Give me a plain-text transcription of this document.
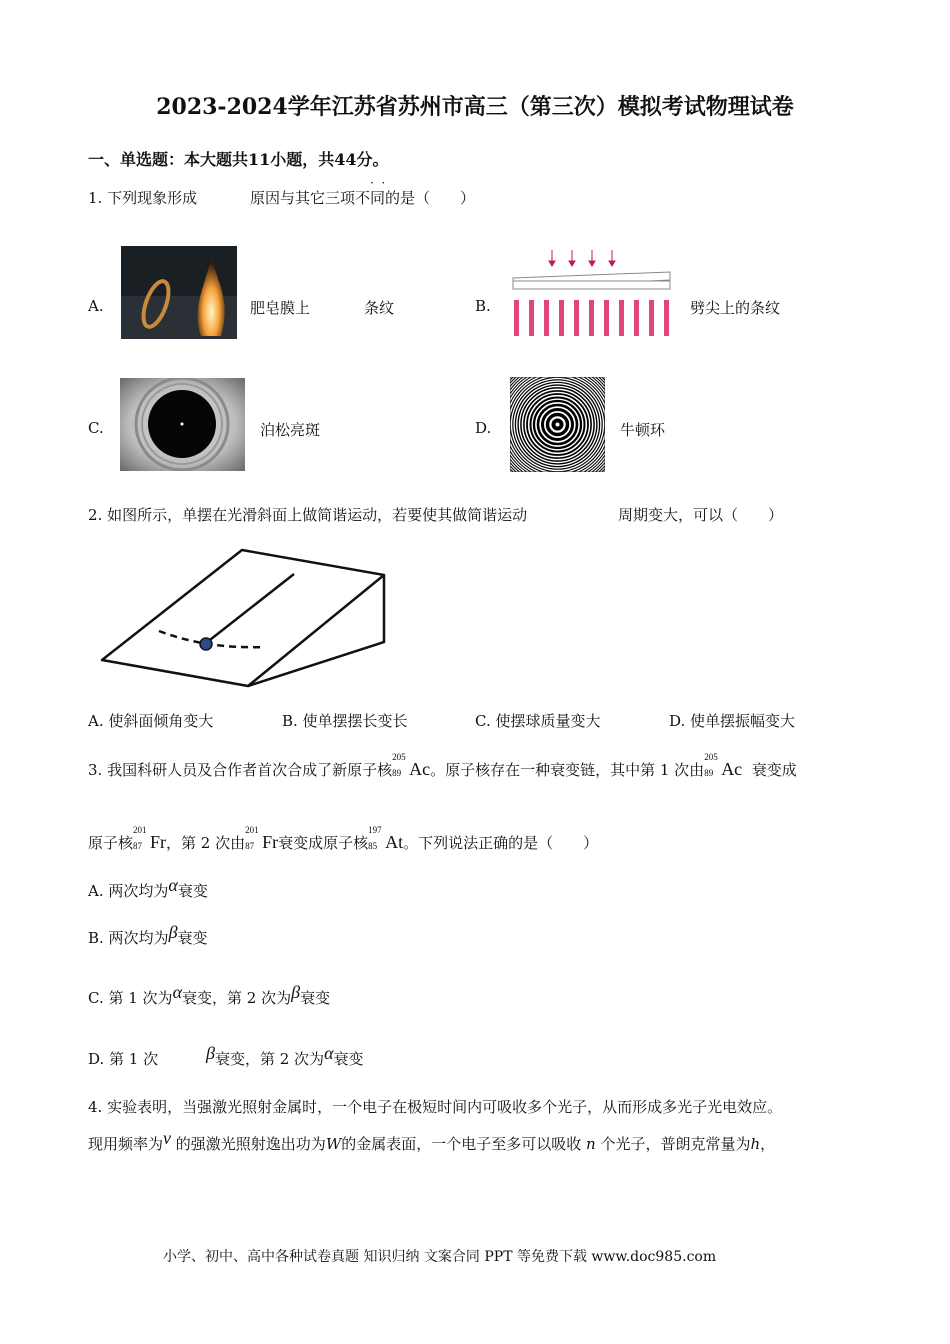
2023-2024学年江苏省苏州市高三（第三次）模拟考试物理试卷
一、单选题：本大题共11小题，共44分。
1. 下列现象形成	原因与其它三项不同的是（　　）
·  ·
A.	肥皂膜上	条纹	B.	劈尖上的条纹
C.	泊松亮斑	D.	牛顿环
2. 如图所示，单摆在光滑斜面上做简谐运动，若要使其做简谐运动	周期变大，可以（　　）
A. 使斜面倾角变大	B. 使单摆摆长变长	C. 使摆球质量变大	D. 使单摆振幅变大
3. 我国科研人员及合作者首次合成了新原子核
205
89 Ac。原子核存在一种衰变链，其中第 1 次由
205
89 Ac 衰变成
原子核
201
87 Fr，第 2 次由
201
87 Fr衰变成原子核
197
85 At。下列说法正确的是（　　）
A. 两次均为α衰变
B. 两次均为β衰变
C. 第 1 次为α衰变，第 2 次为β衰变
D. 第 1 次	β衰变，第 2 次为α衰变
4. 实验表明，当强激光照射金属时，一个电子在极短时间内可吸收多个光子，从而形成多光子光电效应。
现用频率为ν 的强激光照射逸出功为W的金属表面，一个电子至多可以吸收 n 个光子，普朗克常量为h，
小学、初中、高中各种试卷真题 知识归纳 文案合同 PPT 等免费下载 www.doc985.com
